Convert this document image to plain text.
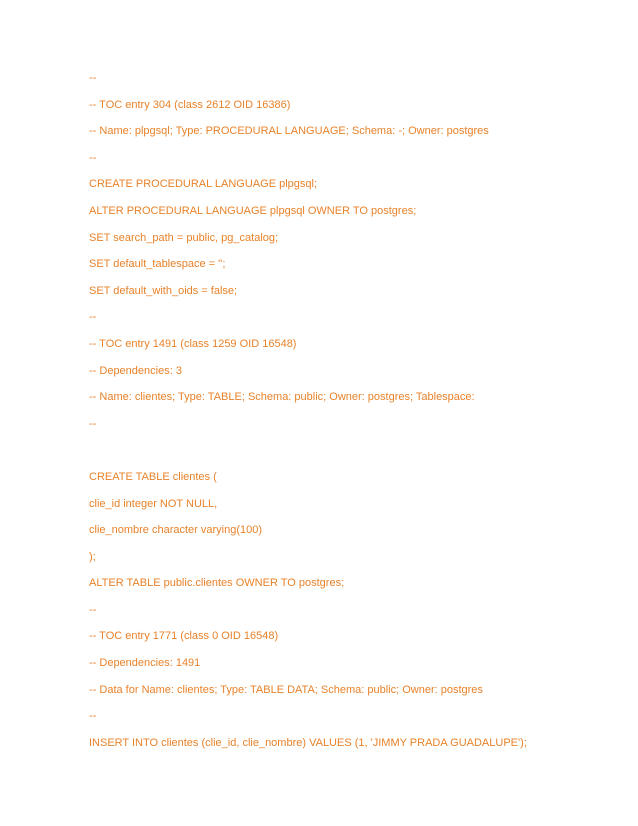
--
-- TOC entry 304 (class 2612 OID 16386)
-- Name: plpgsql; Type: PROCEDURAL LANGUAGE; Schema: -; Owner: postgres
--
CREATE PROCEDURAL LANGUAGE plpgsql;
ALTER PROCEDURAL LANGUAGE plpgsql OWNER TO postgres;
SET search_path = public, pg_catalog;
SET default_tablespace = '';
SET default_with_oids = false;
--
-- TOC entry 1491 (class 1259 OID 16548)
-- Dependencies: 3
-- Name: clientes; Type: TABLE; Schema: public; Owner: postgres; Tablespace:
--
CREATE TABLE clientes (
clie_id integer NOT NULL,
clie_nombre character varying(100)
);
ALTER TABLE public.clientes OWNER TO postgres;
--
-- TOC entry 1771 (class 0 OID 16548)
-- Dependencies: 1491
-- Data for Name: clientes; Type: TABLE DATA; Schema: public; Owner: postgres
--
INSERT INTO clientes (clie_id, clie_nombre) VALUES (1, 'JIMMY PRADA GUADALUPE');
